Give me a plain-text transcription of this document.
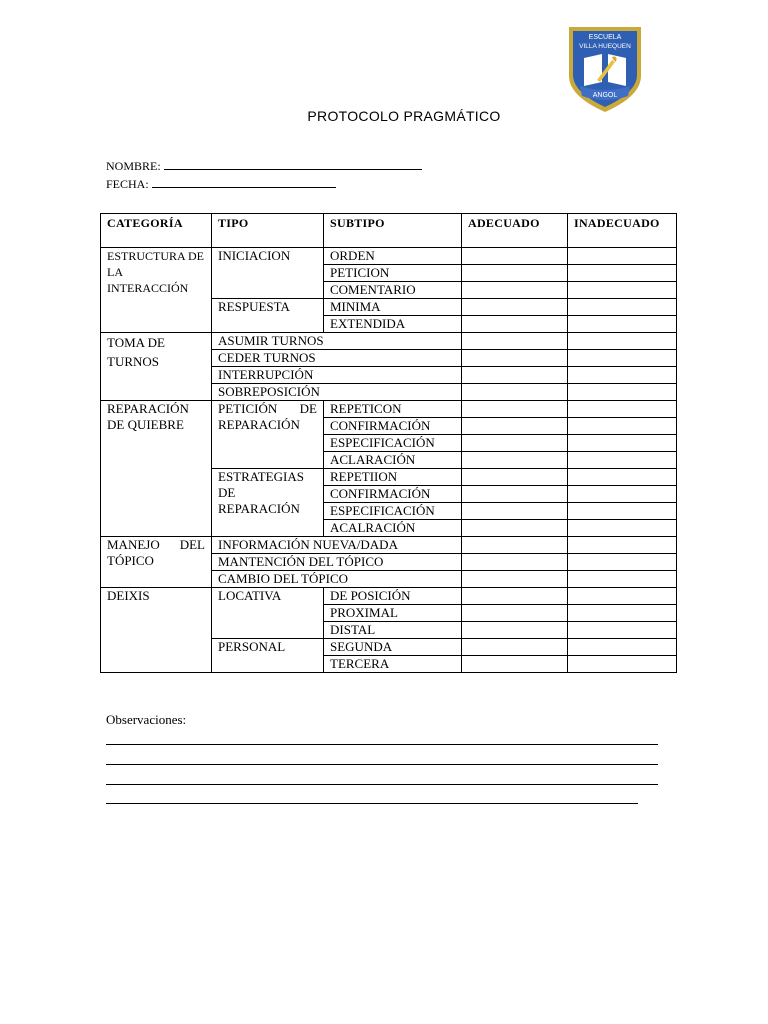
ESCUELA
VILLA HUEQUEN
ANGOL
PROTOCOLO PRAGMÁTICO
NOMBRE:
FECHA:
CATEGORÍA	TIPO	SUBTIPO	ADECUADO	INADECUADO
ESTRUCTURA DE LA INTERACCIÓN	INICIACION	ORDEN		
		PETICION		
		COMENTARIO		
	RESPUESTA	MINIMA		
		EXTENDIDA		
TOMA DE TURNOS	ASUMIR TURNOS			
	CEDER TURNOS			
	INTERRUPCIÓN			
	SOBREPOSICIÓN			
REPARACIÓN DE QUIEBRE	PETICIÓN DE REPARACIÓN	REPETICON		
		CONFIRMACIÓN		
		ESPECIFICACIÓN		
		ACLARACIÓN		
	ESTRATEGIAS DE REPARACIÓN	REPETIION		
		CONFIRMACIÓN		
		ESPECIFICACIÓN		
		ACALRACIÓN		
MANEJO DEL TÓPICO	INFORMACIÓN NUEVA/DADA			
	MANTENCIÓN DEL TÓPICO			
	CAMBIO DEL TÓPICO			
DEIXIS	LOCATIVA	DE POSICIÓN		
		PROXIMAL		
		DISTAL		
	PERSONAL	SEGUNDA		
		TERCERA		
Observaciones:
